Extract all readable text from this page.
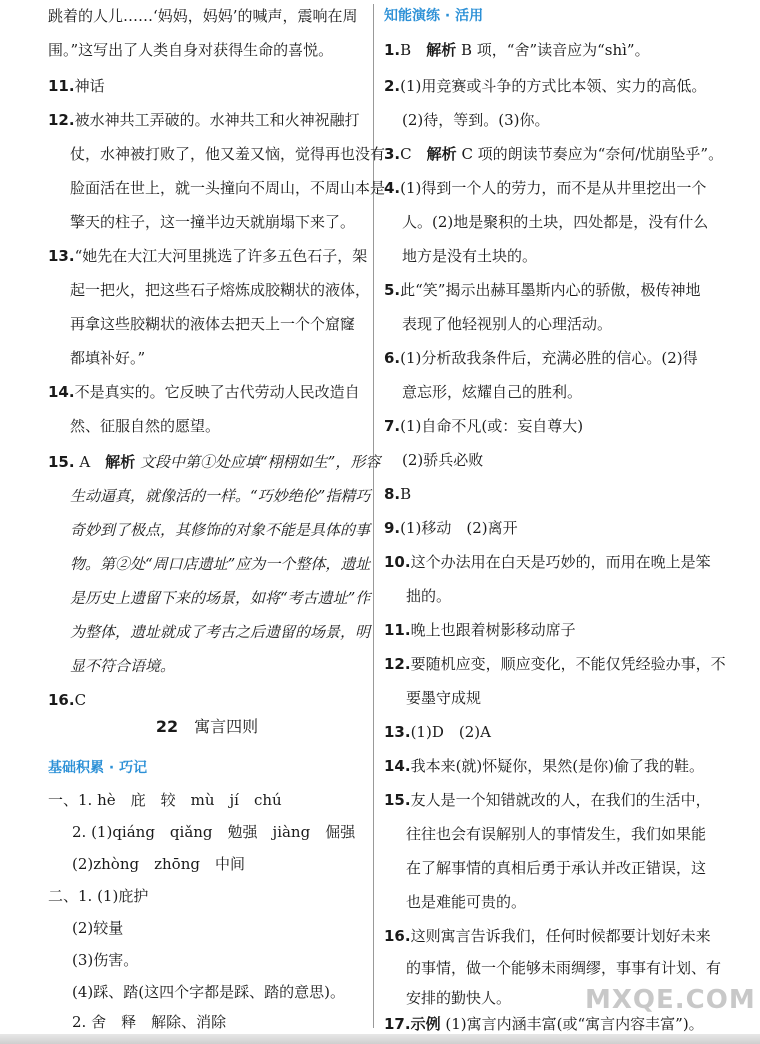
跳着的人儿……‘妈妈，妈妈’的喊声，震响在周
围。”这写出了人类自身对获得生命的喜悦。
11.神话
12.被水神共工弄破的。水神共工和火神祝融打
仗，水神被打败了，他又羞又恼，觉得再也没有
脸面活在世上，就一头撞向不周山，不周山本是
擎天的柱子，这一撞半边天就崩塌下来了。
13.“她先在大江大河里挑选了许多五色石子，架
起一把火，把这些石子熔炼成胶糊状的液体，
再拿这些胶糊状的液体去把天上一个个窟窿
都填补好。”
14.不是真实的。它反映了古代劳动人民改造自
然、征服自然的愿望。
15. A　 解析 文段中第①处应填“栩栩如生”，形容
生动逼真，就像活的一样。“巧妙绝伦”指精巧
奇妙到了极点，其修饰的对象不能是具体的事
物。第②处“周口店遗址”应为一个整体，遗址
是历史上遗留下来的场景，如将“考古遗址”作
为整体，遗址就成了考古之后遗留的场景，明
显不符合语境。
16.C
22　 寓言四则
基础积累 · 巧记
一、1. hè　庇　较　mù　jí　chú
2. (1)qiáng　qiǎng　勉强　jiàng　倔强
(2)zhòng　zhōng　中间
二、1. (1)庇护
(2)较量
(3)伤害。
(4)踩、踏(这四个字都是踩、踏的意思)。
2. 舍　释　解除、消除
知能演练 · 活用
1.B　 解析 B 项，“舍”读音应为“shì”。
2.(1)用竞赛或斗争的方式比本领、实力的高低。
(2)待，等到。(3)你。
3.C　 解析 C 项的朗读节奏应为“奈何/忧崩坠乎”。
4.(1)得到一个人的劳力，而不是从井里挖出一个
人。(2)地是聚积的土块，四处都是，没有什么
地方是没有土块的。
5.此“笑”揭示出赫耳墨斯内心的骄傲，极传神地
表现了他轻视别人的心理活动。
6.(1)分析敌我条件后，充满必胜的信心。(2)得
意忘形，炫耀自己的胜利。
7.(1)自命不凡(或：妄自尊大)
(2)骄兵必败
8.B
9.(1)移动　(2)离开
10.这个办法用在白天是巧妙的，而用在晚上是笨
拙的。
11.晚上也跟着树影移动席子
12.要随机应变，顺应变化，不能仅凭经验办事，不
要墨守成规
13.(1)D　(2)A
14.我本来(就)怀疑你，果然(是你)偷了我的鞋。
15.友人是一个知错就改的人，在我们的生活中，
往往也会有误解别人的事情发生，我们如果能
在了解事情的真相后勇于承认并改正错误，这
也是难能可贵的。
16.这则寓言告诉我们，任何时候都要计划好未来
的事情，做一个能够未雨绸缪，事事有计划、有
安排的勤快人。
17.示例 (1)寓言内涵丰富(或“寓言内容丰富”)。
MXQE.COM
